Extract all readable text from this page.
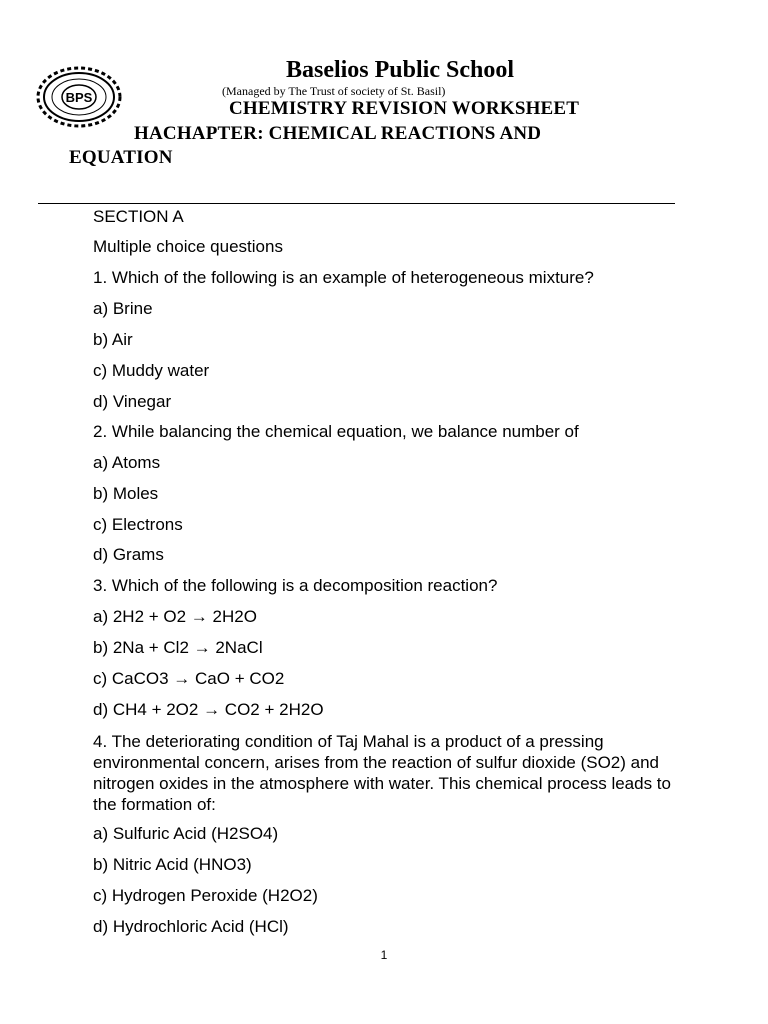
BPS
Baselios Public School
(Managed by The Trust of society of St. Basil)
CHEMISTRY REVISION WORKSHEET
HACHAPTER: CHEMICAL REACTIONS AND
EQUATION
SECTION A
Multiple choice questions
1. Which of the following is an example of heterogeneous mixture?
a) Brine
b) Air
c) Muddy water
d) Vinegar
2. While balancing the chemical equation, we balance number of
a) Atoms
b) Moles
c) Electrons
d) Grams
3. Which of the following is a decomposition reaction?
a) 2H2 + O2 → 2H2O
b) 2Na + Cl2 → 2NaCl
c) CaCO3 → CaO + CO2
d) CH4 + 2O2 → CO2 + 2H2O
4. The deteriorating condition of Taj Mahal is a product of a pressing environmental concern, arises from the reaction of sulfur dioxide (SO2) and nitrogen oxides in the atmosphere with water. This chemical process leads to the formation of:
a) Sulfuric Acid (H2SO4)
b) Nitric Acid (HNO3)
c) Hydrogen Peroxide (H2O2)
d) Hydrochloric Acid (HCl)
1
